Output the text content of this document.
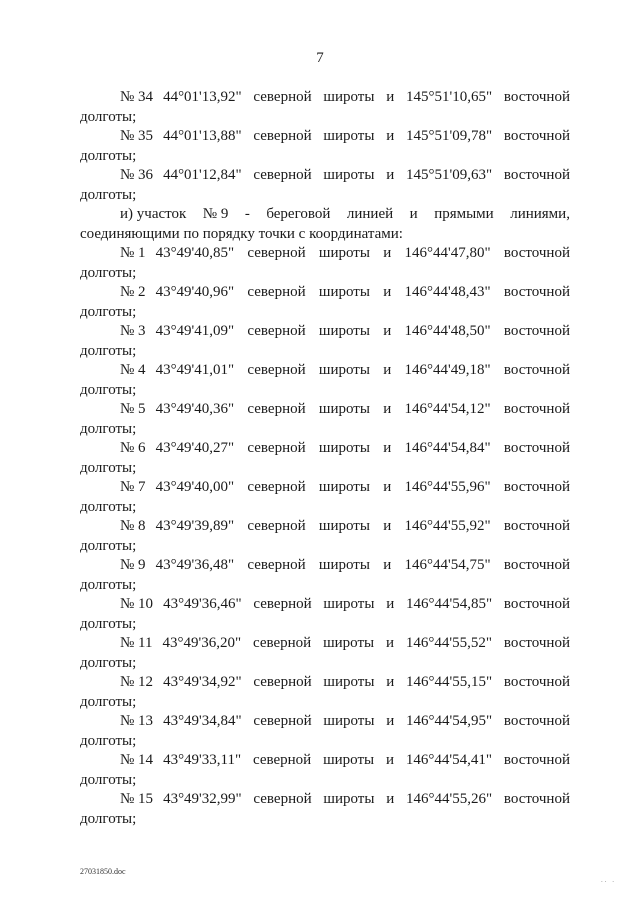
7
№ 34 44°01'13,92" северной широты и 145°51'10,65" восточной
долготы;
№ 35 44°01'13,88" северной широты и 145°51'09,78" восточной
долготы;
№ 36 44°01'12,84" северной широты и 145°51'09,63" восточной
долготы;
и) участок № 9 - береговой линией и прямыми линиями,
соединяющими по порядку точки с координатами:
№ 1 43°49'40,85" северной широты и 146°44'47,80" восточной
долготы;
№ 2 43°49'40,96" северной широты и 146°44'48,43" восточной
долготы;
№ 3 43°49'41,09" северной широты и 146°44'48,50" восточной
долготы;
№ 4 43°49'41,01" северной широты и 146°44'49,18" восточной
долготы;
№ 5 43°49'40,36" северной широты и 146°44'54,12" восточной
долготы;
№ 6 43°49'40,27" северной широты и 146°44'54,84" восточной
долготы;
№ 7 43°49'40,00" северной широты и 146°44'55,96" восточной
долготы;
№ 8 43°49'39,89" северной широты и 146°44'55,92" восточной
долготы;
№ 9 43°49'36,48" северной широты и 146°44'54,75" восточной
долготы;
№ 10 43°49'36,46" северной широты и 146°44'54,85" восточной
долготы;
№ 11 43°49'36,20" северной широты и 146°44'55,52" восточной
долготы;
№ 12 43°49'34,92" северной широты и 146°44'55,15" восточной
долготы;
№ 13 43°49'34,84" северной широты и 146°44'54,95" восточной
долготы;
№ 14 43°49'33,11" северной широты и 146°44'54,41" восточной
долготы;
№ 15 43°49'32,99" северной широты и 146°44'55,26" восточной
долготы;
27031850.doc
.. .
